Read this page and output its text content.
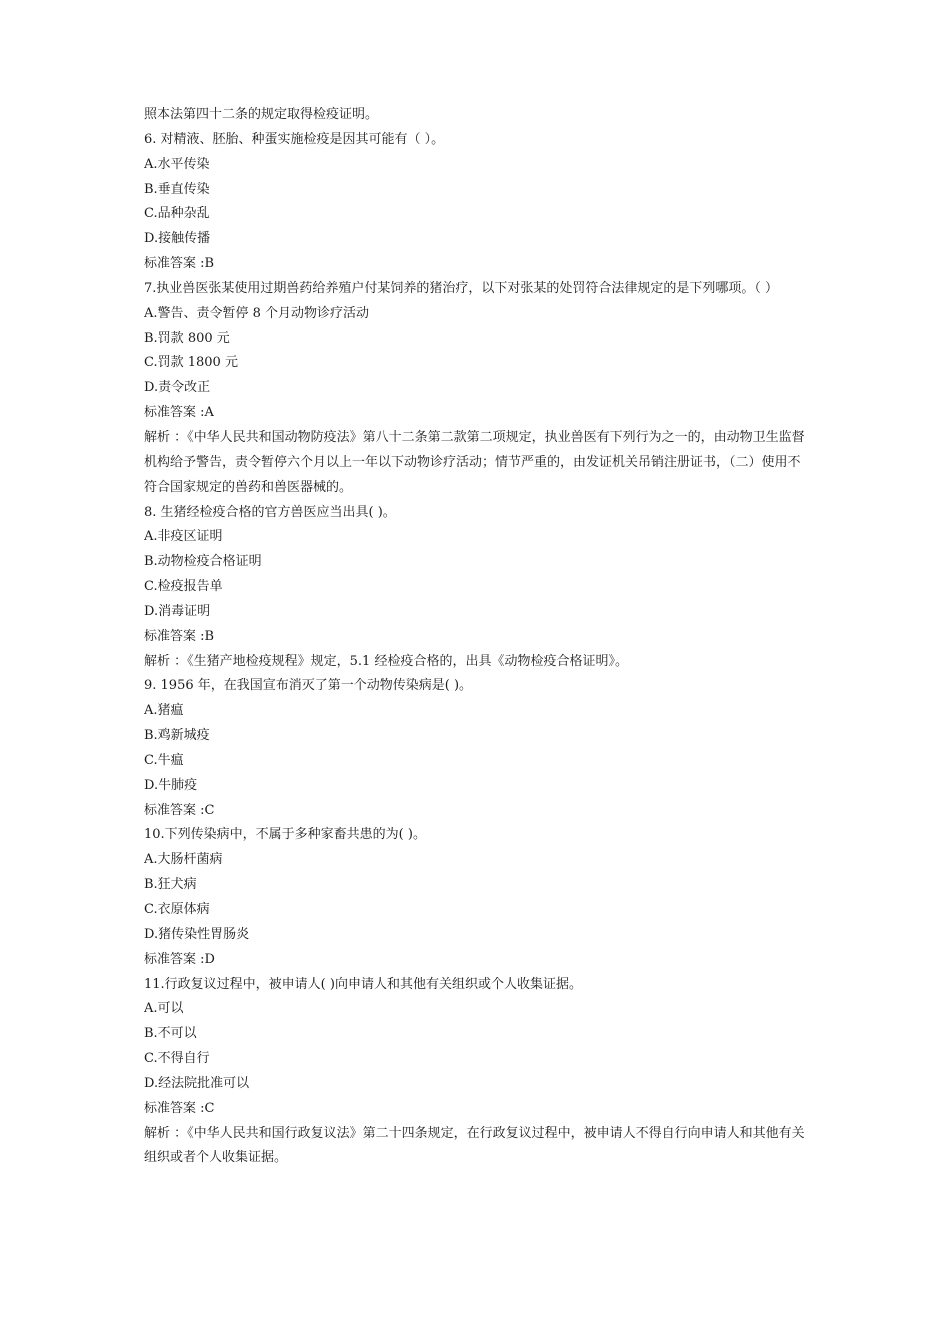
照本法第四十二条的规定取得检疫证明。
6. 对精液、胚胎、种蛋实施检疫是因其可能有（ ）。
A.水平传染
B.垂直传染
C.品种杂乱
D.接触传播
标准答案 :B
7.执业兽医张某使用过期兽药给养殖户付某饲养的猪治疗，以下对张某的处罚符合法律规定的是下列哪项。（ ）
A.警告、责令暂停 8 个月动物诊疗活动
B.罚款 800 元
C.罚款 1800 元
D.责令改正
标准答案 :A
解析 ：《中华人民共和国动物防疫法》第八十二条第二款第二项规定，执业兽医有下列行为之一的，由动物卫生监督机构给予警告，责令暂停六个月以上一年以下动物诊疗活动；情节严重的，由发证机关吊销注册证书，（二）使用不符合国家规定的兽药和兽医器械的。
8. 生猪经检疫合格的官方兽医应当出具( )。
A.非疫区证明
B.动物检疫合格证明
C.检疫报告单
D.消毒证明
标准答案 :B
解析 ：《生猪产地检疫规程》规定，5.1 经检疫合格的，出具《动物检疫合格证明》。
9. 1956 年，在我国宣布消灭了第一个动物传染病是( )。
A.猪瘟
B.鸡新城疫
C.牛瘟
D.牛肺疫
标准答案 :C
10.下列传染病中，不属于多种家畜共患的为( )。
A.大肠杆菌病
B.狂犬病
C.衣原体病
D.猪传染性胃肠炎
标准答案 :D
11.行政复议过程中，被申请人( )向申请人和其他有关组织或个人收集证据。
A.可以
B.不可以
C.不得自行
D.经法院批准可以
标准答案 :C
解析 ：《中华人民共和国行政复议法》第二十四条规定，在行政复议过程中，被申请人不得自行向申请人和其他有关组织或者个人收集证据。
